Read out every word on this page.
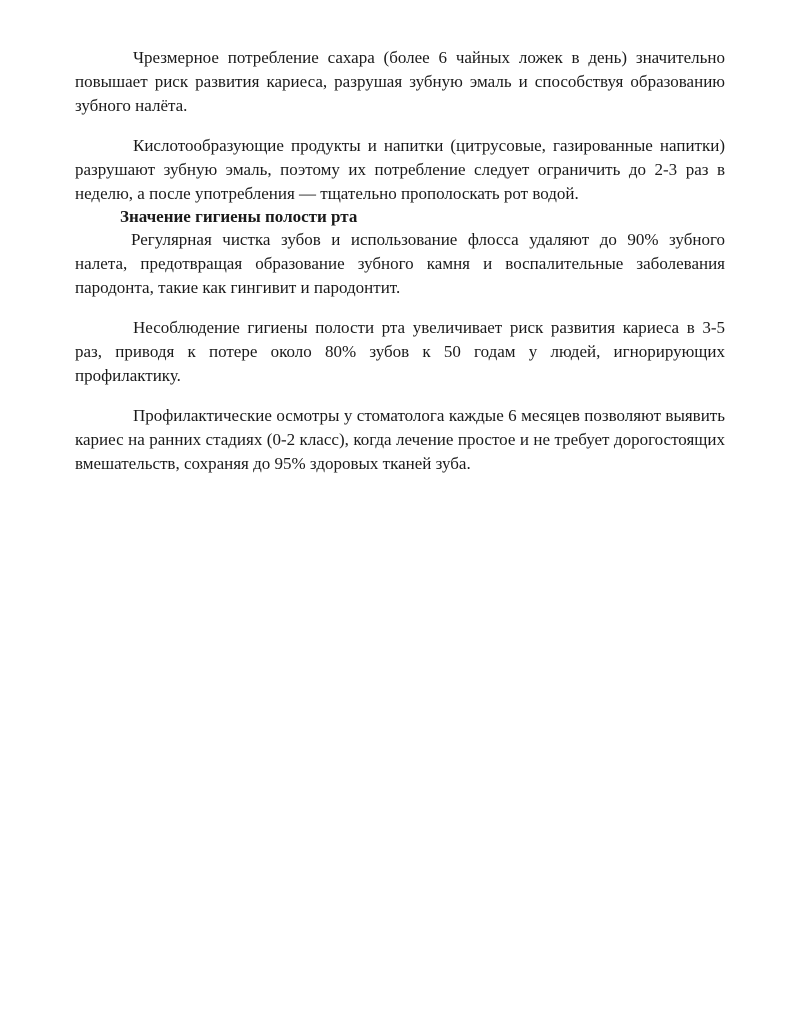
Чрезмерное потребление сахара (более 6 чайных ложек в день) значительно повышает риск развития кариеса, разрушая зубную эмаль и способствуя образованию зубного налёта.

Кислотообразующие продукты и напитки (цитрусовые, газированные напитки) разрушают зубную эмаль, поэтому их потребление следует ограничить до 2-3 раз в неделю, а после употребления — тщательно прополоскать рот водой.

Значение гигиены полости рта

Регулярная чистка зубов и использование флосса удаляют до 90% зубного налета, предотвращая образование зубного камня и воспалительные заболевания пародонта, такие как гингивит и пародонтит.

Несоблюдение гигиены полости рта увеличивает риск развития кариеса в 3-5 раз, приводя к потере около 80% зубов к 50 годам у людей, игнорирующих профилактику.

Профилактические осмотры у стоматолога каждые 6 месяцев позволяют выявить кариес на ранних стадиях (0-2 класс), когда лечение простое и не требует дорогостоящих вмешательств, сохраняя до 95% здоровых тканей зуба.
